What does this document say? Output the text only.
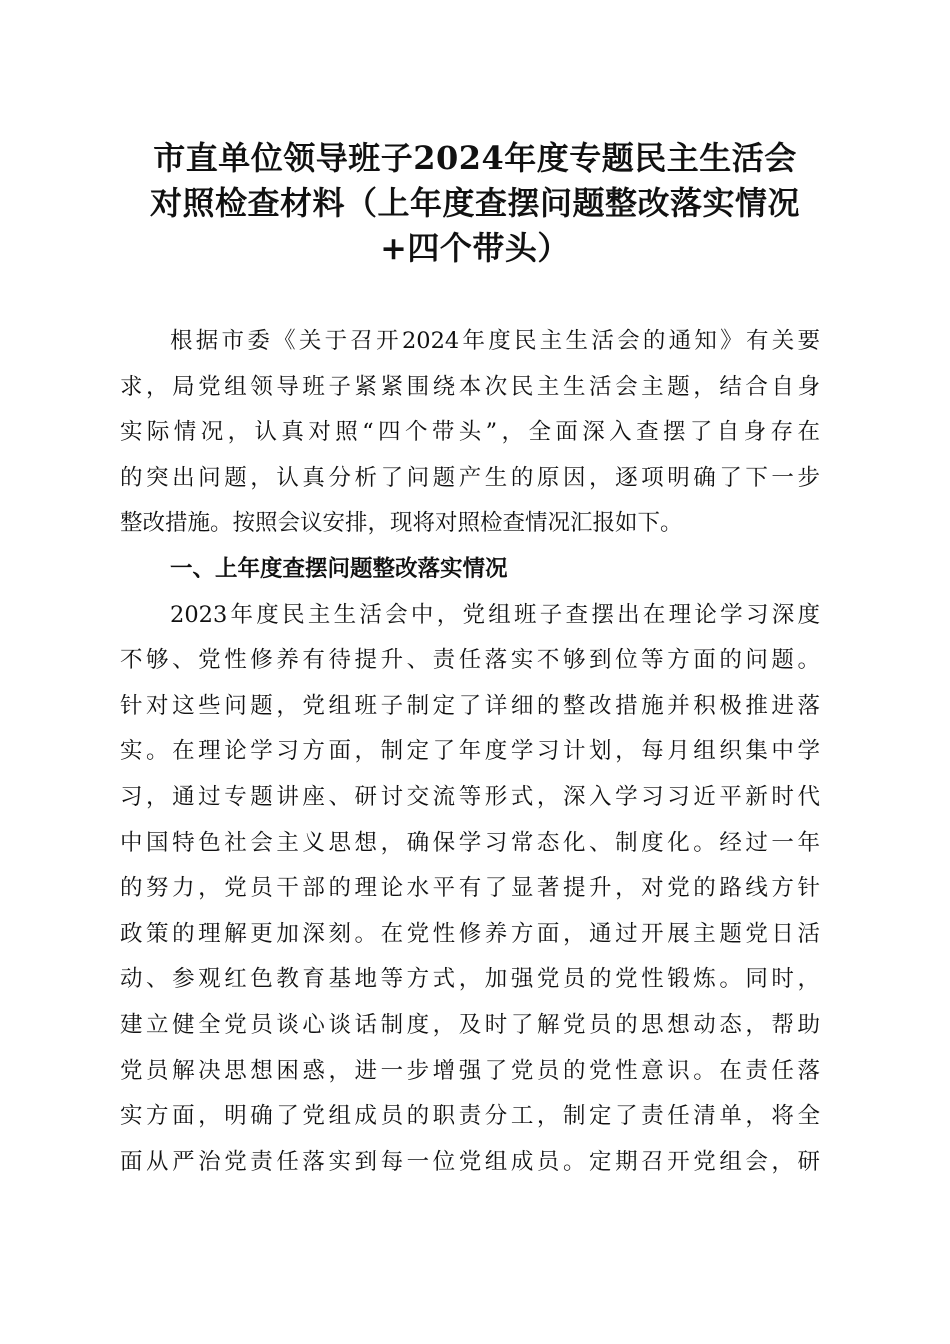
市直单位领导班子2024年度专题民主生活会
对照检查材料（上年度查摆问题整改落实情况
+四个带头）
根据市委《关于召开2024年度民主生活会的通知》有关要
求，局党组领导班子紧紧围绕本次民主生活会主题，结合自身
实际情况，认真对照“四个带头”，全面深入查摆了自身存在
的突出问题，认真分析了问题产生的原因，逐项明确了下一步
整改措施。按照会议安排，现将对照检查情况汇报如下。
一、上年度查摆问题整改落实情况
2023年度民主生活会中，党组班子查摆出在理论学习深度
不够、党性修养有待提升、责任落实不够到位等方面的问题。
针对这些问题，党组班子制定了详细的整改措施并积极推进落
实。在理论学习方面，制定了年度学习计划，每月组织集中学
习，通过专题讲座、研讨交流等形式，深入学习习近平新时代
中国特色社会主义思想，确保学习常态化、制度化。经过一年
的努力，党员干部的理论水平有了显著提升，对党的路线方针
政策的理解更加深刻。在党性修养方面，通过开展主题党日活
动、参观红色教育基地等方式，加强党员的党性锻炼。同时，
建立健全党员谈心谈话制度，及时了解党员的思想动态，帮助
党员解决思想困惑，进一步增强了党员的党性意识。在责任落
实方面，明确了党组成员的职责分工，制定了责任清单，将全
面从严治党责任落实到每一位党组成员。定期召开党组会，研
